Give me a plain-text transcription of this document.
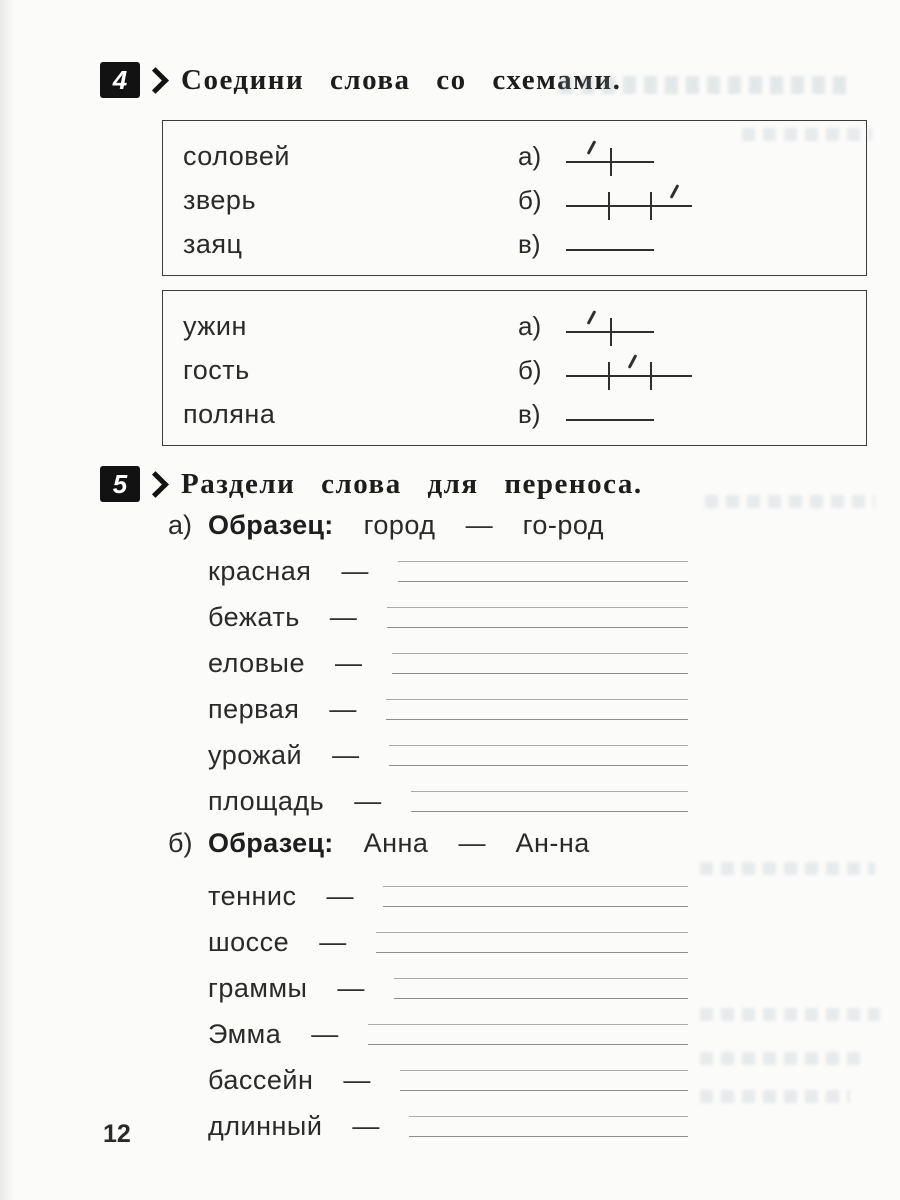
4	Соедини слова со схемами.
соловей	а)
зверь	б)
заяц	в)
ужин	а)
гость	б)
поляна	в)
5	Раздели слова для переноса.
а) Образец: город — го-род
красная —
бежать —
еловые —
первая —
урожай —
площадь —
б) Образец: Анна — Ан-на
теннис —
шоссе —
граммы —
Эмма —
бассейн —
длинный —
12
